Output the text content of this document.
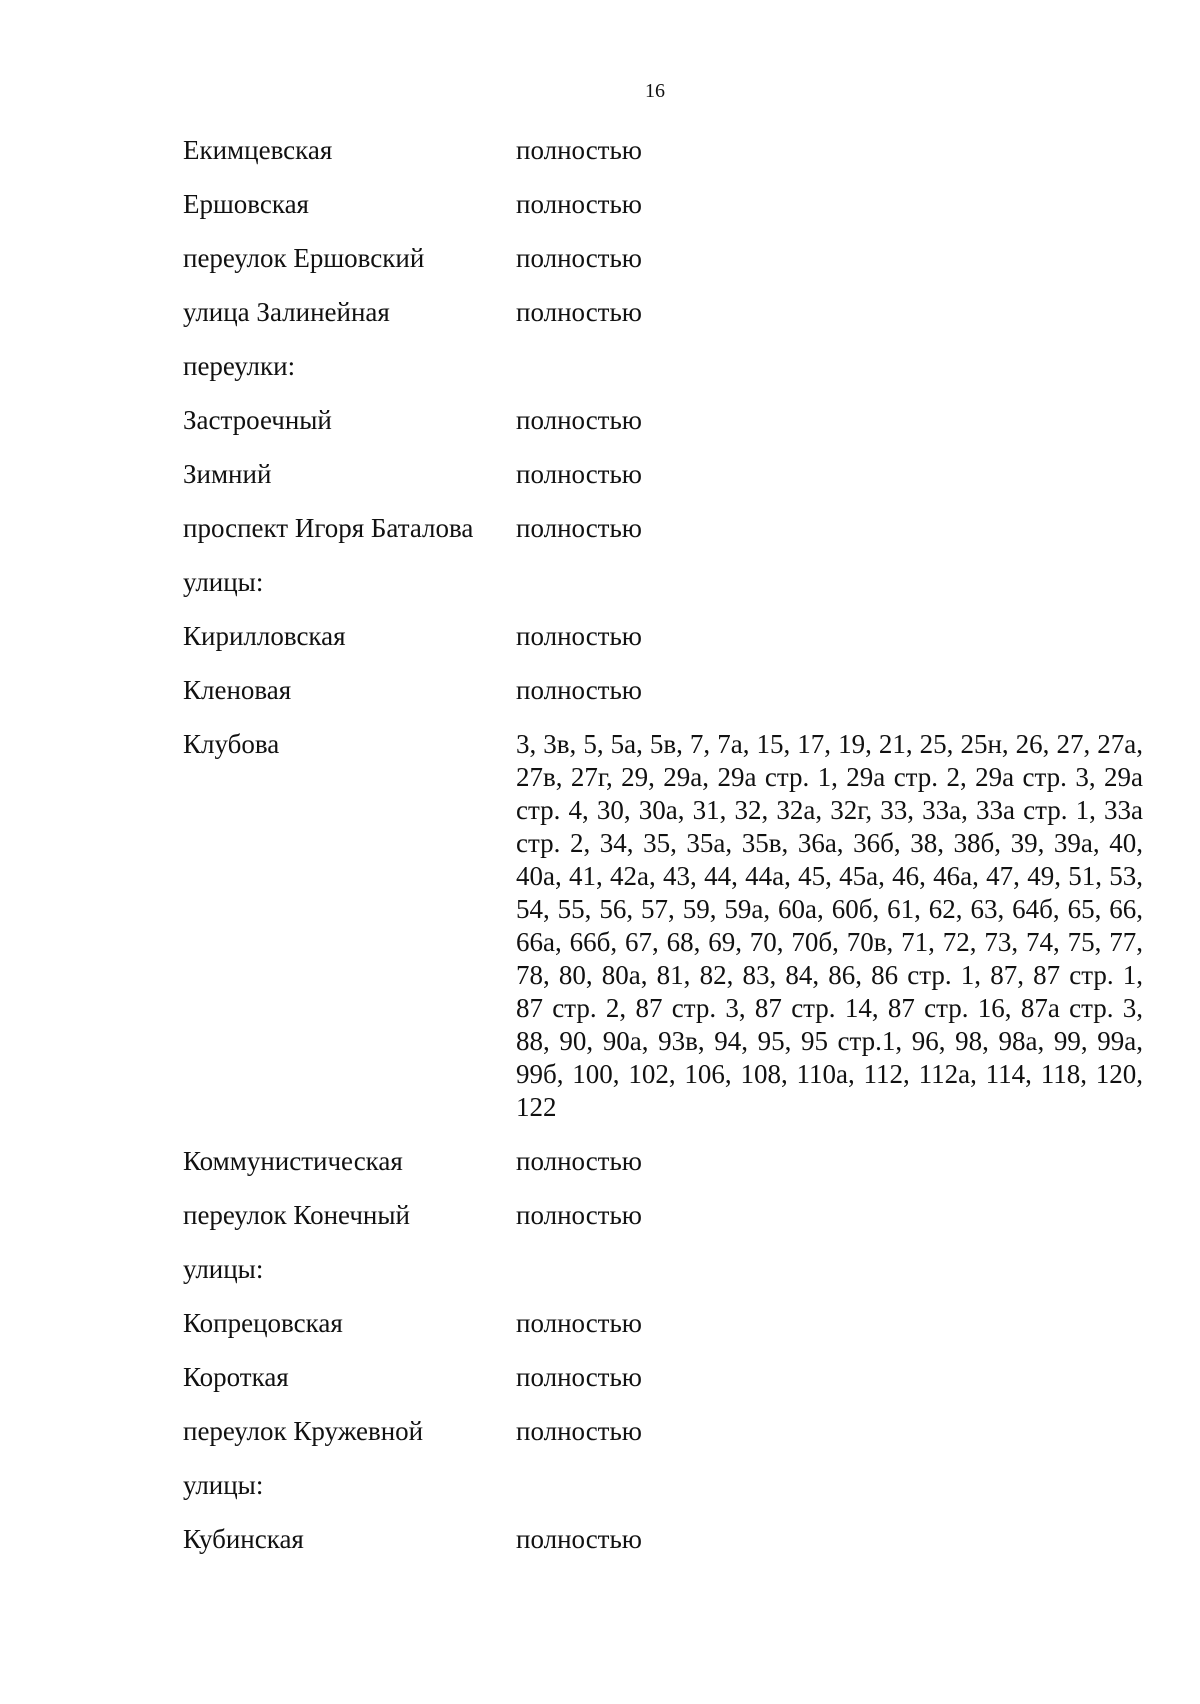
16
Екимцевская	полностью
Ершовская	полностью
переулок Ершовский	полностью
улица Залинейная	полностью
переулки:
Застроечный	полностью
Зимний	полностью
проспект Игоря Баталова	полностью
улицы:
Кирилловская	полностью
Кленовая	полностью
Клубова	3, 3в, 5, 5а, 5в, 7, 7а, 15, 17, 19, 21, 25, 25н, 26, 27, 27а, 27в, 27г, 29, 29а, 29а стр. 1, 29а стр. 2, 29а стр. 3, 29а стр. 4, 30, 30а, 31, 32, 32а, 32г, 33, 33а, 33а стр. 1, 33а стр. 2, 34, 35, 35а, 35в, 36а, 36б, 38, 38б, 39, 39а, 40, 40а, 41, 42а, 43, 44, 44а, 45, 45а, 46, 46а, 47, 49, 51, 53, 54, 55, 56, 57, 59, 59а, 60а, 60б, 61, 62, 63, 64б, 65, 66, 66а, 66б, 67, 68, 69, 70, 70б, 70в, 71, 72, 73, 74, 75, 77, 78, 80, 80а, 81, 82, 83, 84, 86, 86 стр. 1, 87, 87 стр. 1, 87 стр. 2, 87 стр. 3, 87 стр. 14, 87 стр. 16, 87а стр. 3, 88, 90, 90а, 93в, 94, 95, 95 стр.1, 96, 98, 98а, 99, 99а, 99б, 100, 102, 106, 108, 110а, 112, 112а, 114, 118, 120, 122
Коммунистическая	полностью
переулок Конечный	полностью
улицы:
Копрецовская	полностью
Короткая	полностью
переулок Кружевной	полностью
улицы:
Кубинская	полностью
